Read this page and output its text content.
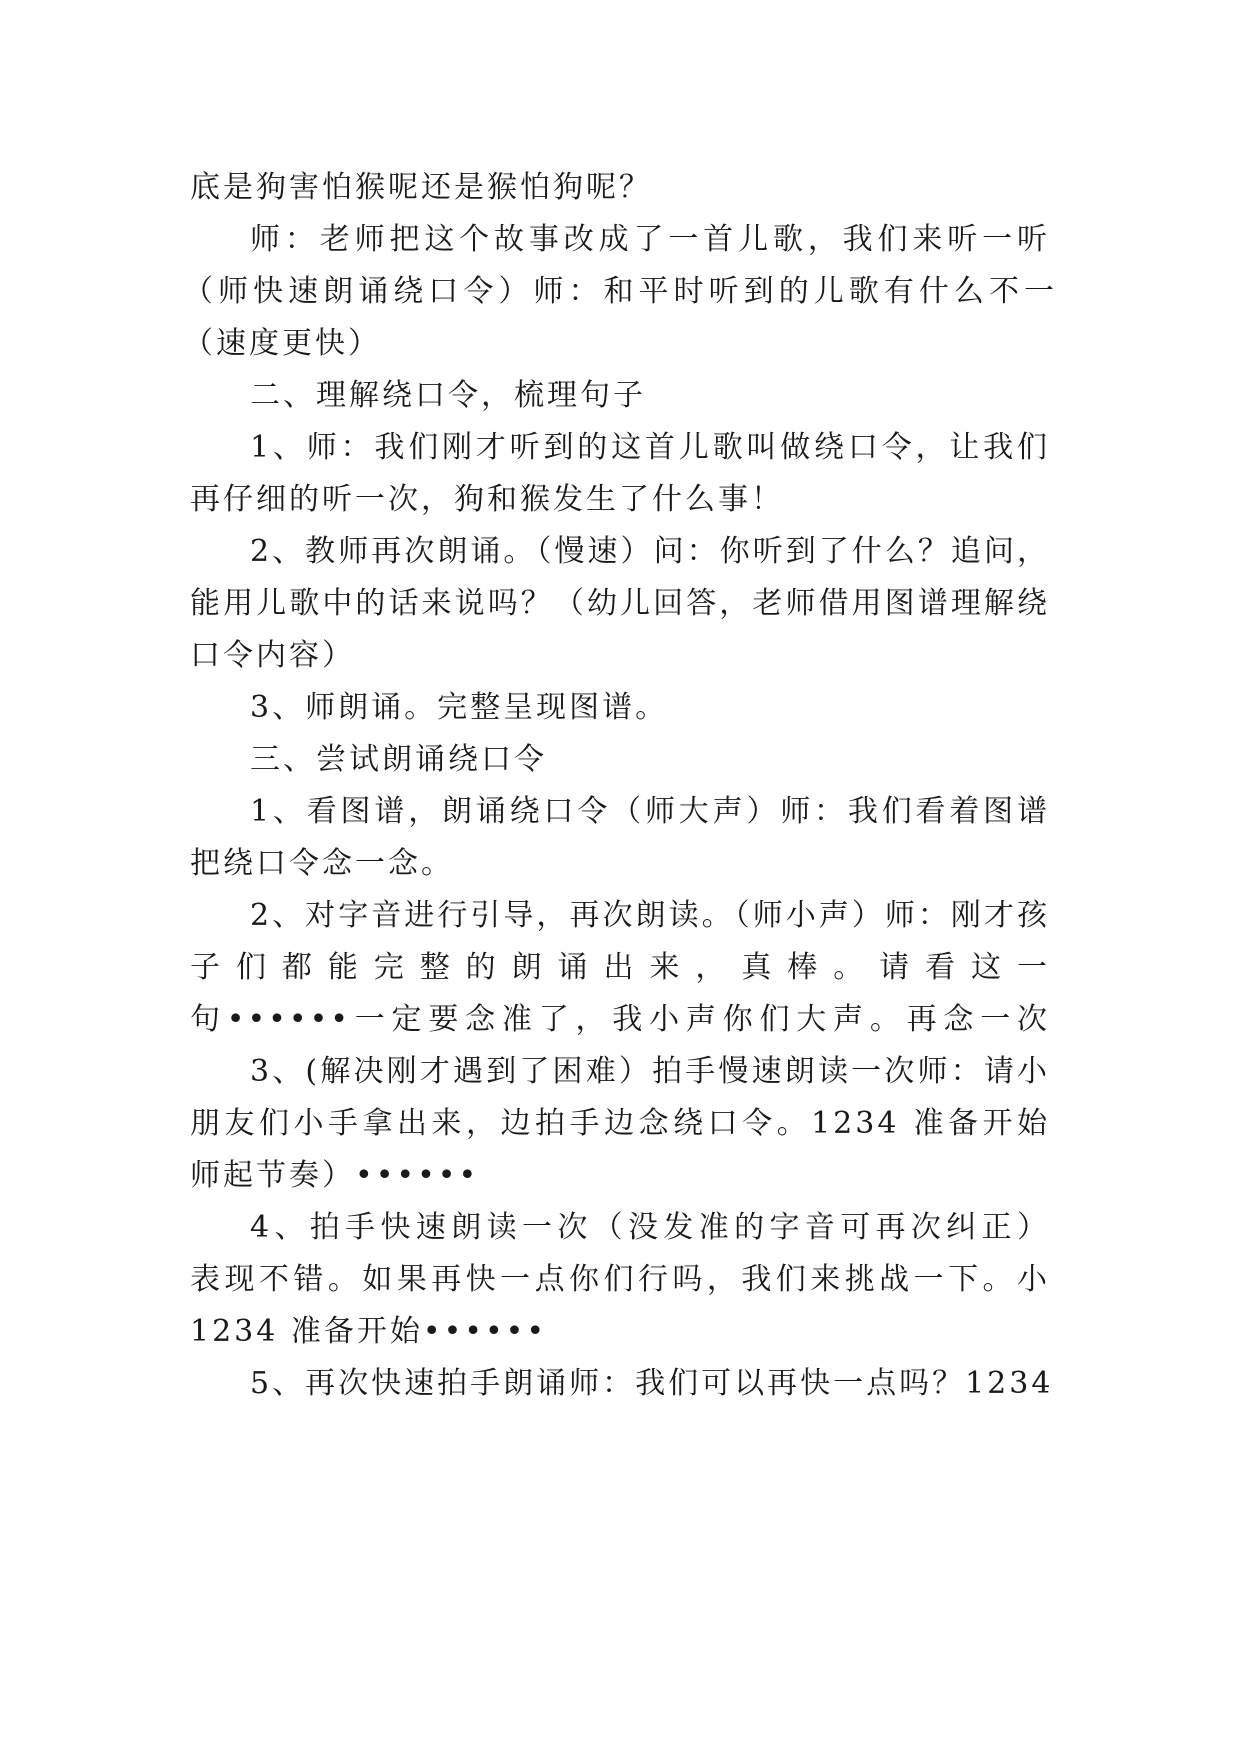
底是狗害怕猴呢还是猴怕狗呢？
师：老师把这个故事改成了一首儿歌，我们来听一听
（师快速朗诵绕口令）师：和平时听到的儿歌有什么不一
（速度更快）
二、理解绕口令，梳理句子
1、师：我们刚才听到的这首儿歌叫做绕口令，让我们
再仔细的听一次，狗和猴发生了什么事！
2、教师再次朗诵。（慢速）问：你听到了什么？追问，
能用儿歌中的话来说吗？（幼儿回答，老师借用图谱理解绕
口令内容）
3、师朗诵。完整呈现图谱。
三、尝试朗诵绕口令
1、看图谱，朗诵绕口令（师大声）师：我们看着图谱
把绕口令念一念。
2、对字音进行引导，再次朗读。（师小声）师：刚才孩
子 们 都 能 完 整 的 朗 诵 出 来 ， 真 棒 。 请 看 这 一
句••••••一定要念准了，我小声你们大声。再念一次
3、(解决刚才遇到了困难）拍手慢速朗读一次师：请小
朋友们小手拿出来，边拍手边念绕口令。1234 准备开始
师起节奏）••••••
4、拍手快速朗读一次（没发准的字音可再次纠正）
表现不错。如果再快一点你们行吗，我们来挑战一下。小
1234 准备开始••••••
5、再次快速拍手朗诵师：我们可以再快一点吗？1234
